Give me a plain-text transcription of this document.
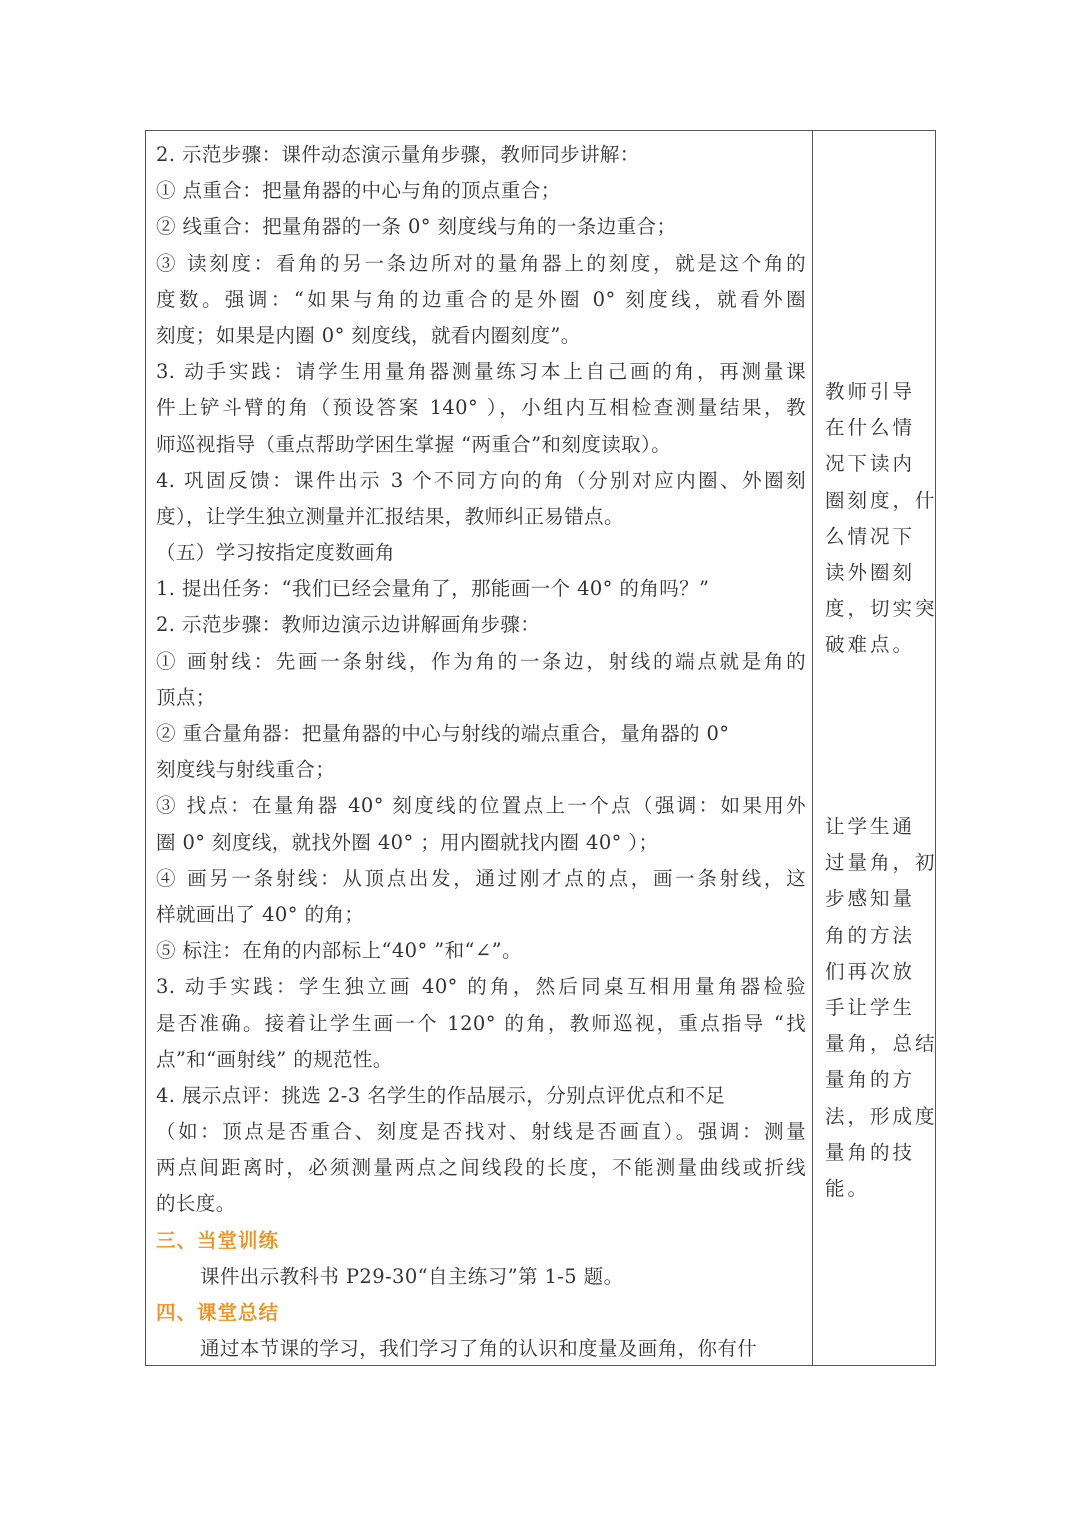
2. 示范步骤：课件动态演示量角步骤，教师同步讲解：
① 点重合：把量角器的中心与角的顶点重合；
② 线重合：把量角器的一条 0° 刻度线与角的一条边重合；
③ 读刻度：看角的另一条边所对的量角器上的刻度，就是这个角的
度数。强调：“如果与角的边重合的是外圈 0° 刻度线，就看外圈
刻度；如果是内圈 0° 刻度线，就看内圈刻度”。
3. 动手实践：请学生用量角器测量练习本上自己画的角，再测量课
件上铲斗臂的角（预设答案 140° ），小组内互相检查测量结果，教
师巡视指导（重点帮助学困生掌握 “两重合”和刻度读取）。
4. 巩固反馈：课件出示 3 个不同方向的角（分别对应内圈、外圈刻
度），让学生独立测量并汇报结果，教师纠正易错点。
（五）学习按指定度数画角
1. 提出任务：“我们已经会量角了，那能画一个 40° 的角吗？”
2. 示范步骤：教师边演示边讲解画角步骤：
① 画射线：先画一条射线，作为角的一条边，射线的端点就是角的
顶点；
② 重合量角器：把量角器的中心与射线的端点重合，量角器的 0°
刻度线与射线重合；
③ 找点：在量角器 40° 刻度线的位置点上一个点（强调：如果用外
圈 0° 刻度线，就找外圈 40° ；用内圈就找内圈 40° ）；
④ 画另一条射线：从顶点出发，通过刚才点的点，画一条射线，这
样就画出了 40° 的角；
⑤ 标注：在角的内部标上“40° ”和“∠”。
3. 动手实践：学生独立画 40° 的角，然后同桌互相用量角器检验
是否准确。接着让学生画一个 120° 的角，教师巡视，重点指导 “找
点”和“画射线” 的规范性。
4. 展示点评：挑选 2-3 名学生的作品展示，分别点评优点和不足
（如：顶点是否重合、刻度是否找对、射线是否画直）。强调：测量
两点间距离时，必须测量两点之间线段的长度，不能测量曲线或折线
的长度。
三、当堂训练
课件出示教科书 P29-30“自主练习”第 1-5 题。
四、课堂总结
通过本节课的学习，我们学习了角的认识和度量及画角，你有什
教师引导
在什么情
况下读内
圈刻度，什
么情况下
读外圈刻
度，切实突
破难点。
让学生通
过量角，初
步感知量
角的方法
们再次放
手让学生
量角，总结
量角的方
法，形成度
量角的技
能。
